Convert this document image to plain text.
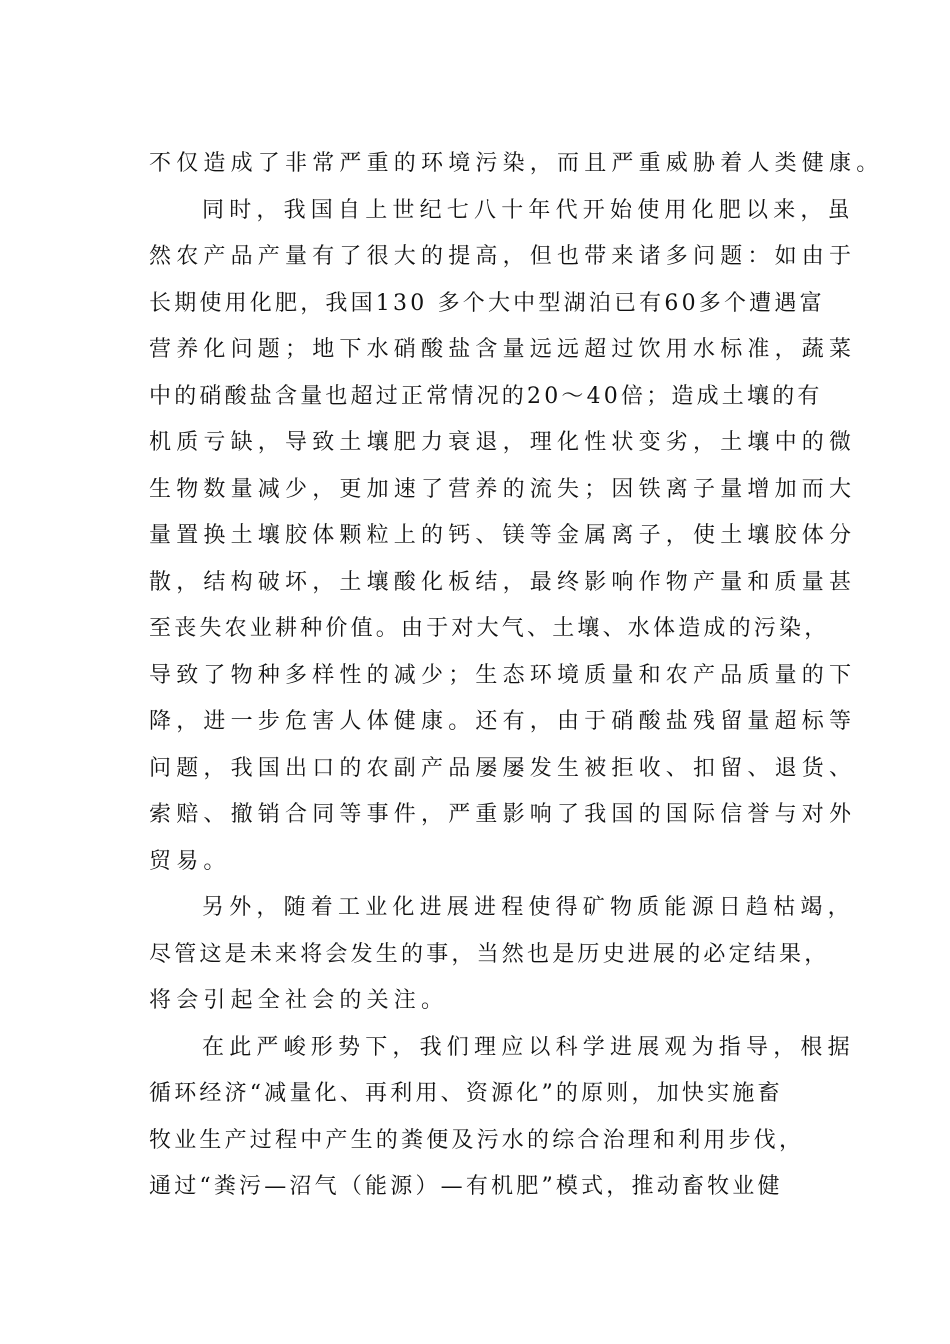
不仅造成了非常严重的环境污染，而且严重威胁着人类健康。
同时，我国自上世纪七八十年代开始使用化肥以来，虽
然农产品产量有了很大的提高，但也带来诸多问题：如由于
长期使用化肥，我国130 多个大中型湖泊已有60多个遭遇富
营养化问题；地下水硝酸盐含量远远超过饮用水标准，蔬菜
中的硝酸盐含量也超过正常情况的20～40倍；造成土壤的有
机质亏缺，导致土壤肥力衰退，理化性状变劣，土壤中的微
生物数量减少，更加速了营养的流失；因铁离子量增加而大
量置换土壤胶体颗粒上的钙、镁等金属离子，使土壤胶体分
散，结构破坏，土壤酸化板结，最终影响作物产量和质量甚
至丧失农业耕种价值。由于对大气、土壤、水体造成的污染，
导致了物种多样性的减少；生态环境质量和农产品质量的下
降，进一步危害人体健康。还有，由于硝酸盐残留量超标等
问题，我国出口的农副产品屡屡发生被拒收、扣留、退货、
索赔、撤销合同等事件，严重影响了我国的国际信誉与对外
贸易。
另外，随着工业化进展进程使得矿物质能源日趋枯竭，
尽管这是未来将会发生的事，当然也是历史进展的必定结果，
将会引起全社会的关注。
在此严峻形势下，我们理应以科学进展观为指导，根据
循环经济“减量化、再利用、资源化”的原则，加快实施畜
牧业生产过程中产生的粪便及污水的综合治理和利用步伐，
通过“粪污—沼气（能源）—有机肥”模式，推动畜牧业健
